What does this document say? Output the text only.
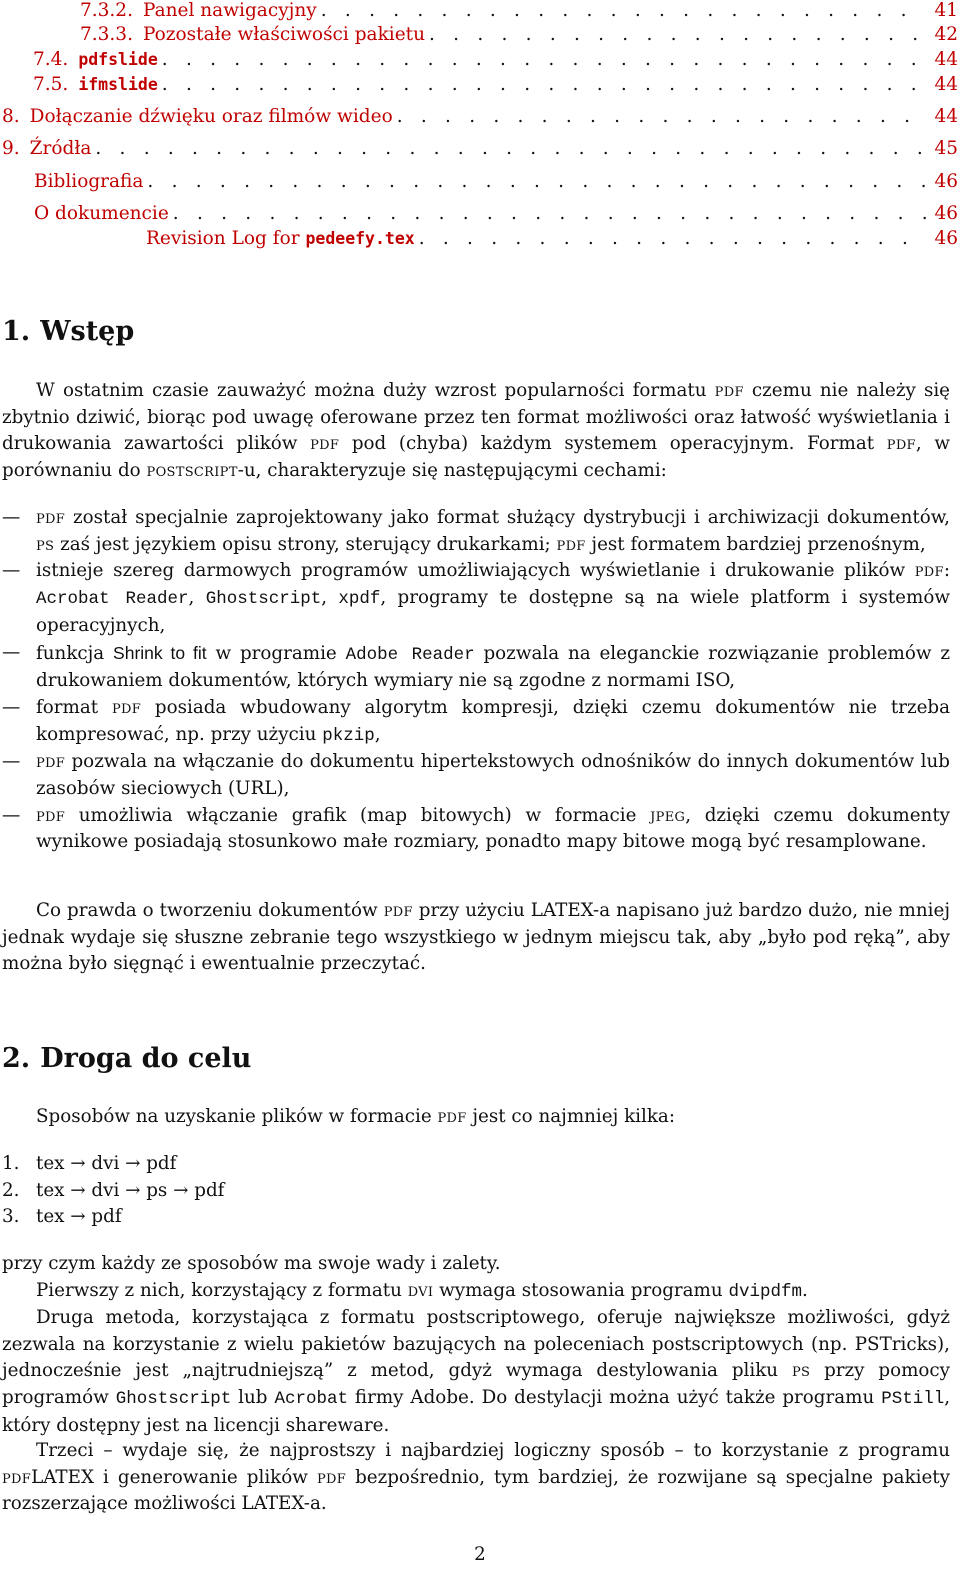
7.3.2. Panel nawigacyjny . . .	41
7.3.3. Pozostałe właściwości pakietu . . .	42
7.4. pdfslide . . .	44
7.5. ifmslide . . .	44
8. Dołączanie dźwięku oraz filmów wideo . . .	44
9. Źródła . . .	45
Bibliografia . . .	46
O dokumencie . . .	46
Revision Log for pedeefy.tex . . .	46
1. Wstęp
W ostatnim czasie zauważyć można duży wzrost popularności formatu pdf czemu nie należy się zbytnio dziwić, biorąc pod uwagę oferowane przez ten format możliwości oraz łatwość wyświetlania i drukowania zawartości plików pdf pod (chyba) każdym systemem operacyjnym. Format pdf, w porównaniu do postscript-u, charakteryzuje się następującymi cechami:
— pdf został specjalnie zaprojektowany jako format służący dystrybucji i archiwizacji dokumentów, ps zaś jest językiem opisu strony, sterujący drukarkami; pdf jest formatem bardziej przenośnym,
— istnieje szereg darmowych programów umożliwiających wyświetlanie i drukowanie plików pdf: Acrobat Reader, Ghostscript, xpdf, programy te dostępne są na wiele platform i systemów operacyjnych,
— funkcja Shrink to fit w programie Adobe Reader pozwala na eleganckie rozwiązanie problemów z drukowaniem dokumentów, których wymiary nie są zgodne z normami ISO,
— format pdf posiada wbudowany algorytm kompresji, dzięki czemu dokumentów nie trzeba kompresować, np. przy użyciu pkzip,
— pdf pozwala na włączanie do dokumentu hipertekstowych odnośników do innych dokumentów lub zasobów sieciowych (URL),
— pdf umożliwia włączanie grafik (map bitowych) w formacie jpeg, dzięki czemu dokumenty wynikowe posiadają stosunkowo małe rozmiary, ponadto mapy bitowe mogą być resamplowane.
Co prawda o tworzeniu dokumentów pdf przy użyciu LATEX-a napisano już bardzo dużo, nie mniej jednak wydaje się słuszne zebranie tego wszystkiego w jednym miejscu tak, aby „było pod ręką”, aby można było sięgnąć i ewentualnie przeczytać.
2. Droga do celu
Sposobów na uzyskanie plików w formacie pdf jest co najmniej kilka:
1. tex → dvi → pdf
2. tex → dvi → ps → pdf
3. tex → pdf
przy czym każdy ze sposobów ma swoje wady i zalety.
Pierwszy z nich, korzystający z formatu dvi wymaga stosowania programu dvipdfm.
Druga metoda, korzystająca z formatu postscriptowego, oferuje największe możliwości, gdyż zezwala na korzystanie z wielu pakietów bazujących na poleceniach postscriptowych (np. PSTricks), jednocześnie jest „najtrudniejszą” z metod, gdyż wymaga destylowania pliku ps przy pomocy programów Ghostscript lub Acrobat firmy Adobe. Do destylacji można użyć także programu PStill, który dostępny jest na licencji shareware.
Trzeci – wydaje się, że najprostszy i najbardziej logiczny sposób – to korzystanie z programu pdfLATEX i generowanie plików pdf bezpośrednio, tym bardziej, że rozwijane są specjalne pakiety rozszerzające możliwości LATEX-a.
2
